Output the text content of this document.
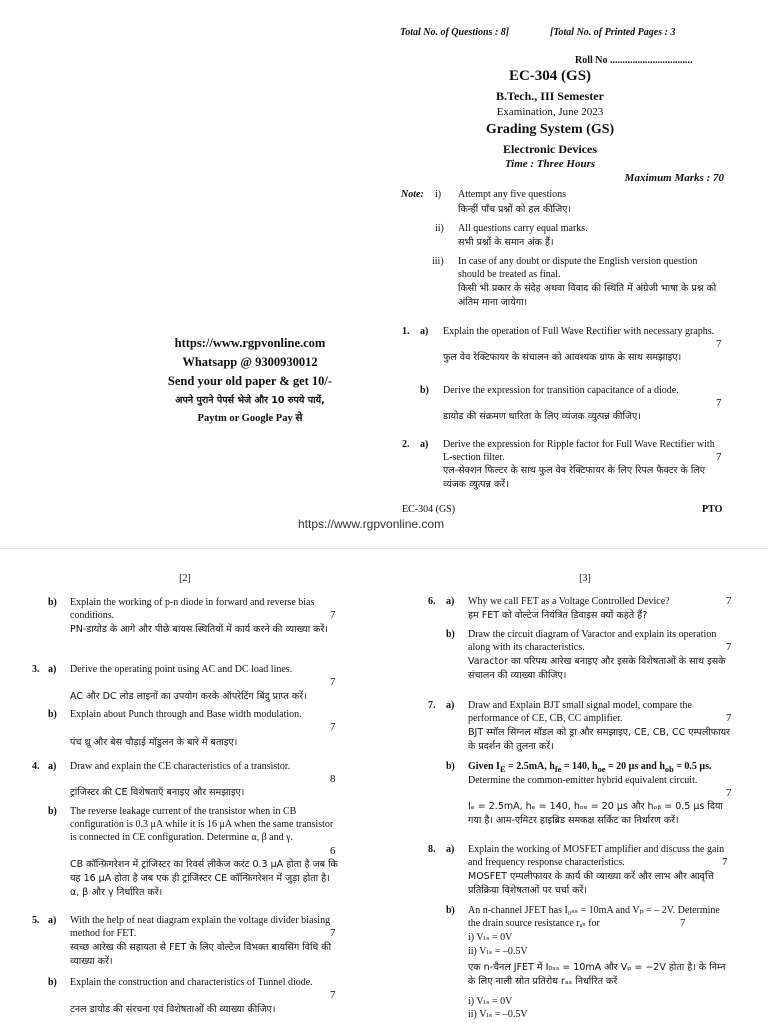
Total No. of Questions : 8]	[Total No. of Printed Pages : 3
Roll No .................................
EC-304 (GS)
B.Tech., III Semester
Examination, June 2023
Grading System (GS)
Electronic Devices
Time : Three Hours
Maximum Marks : 70
Note: i) Attempt any five questions
किन्हीं पाँच प्रश्नों को हल कीजिए।
ii) All questions carry equal marks.
सभी प्रश्नों के समान अंक हैं।
iii) In case of any doubt or dispute the English version question should be treated as final.
किसी भी प्रकार के संदेह अथवा विवाद की स्थिति में अंग्रेजी भाषा के प्रश्न को अंतिम माना जायेगा।
https://www.rgpvonline.com
Whatsapp @ 9300930012
Send your old paper & get 10/-
अपने पुराने पेपर्स भेजे और 10 रुपये पायें,
Paytm or Google Pay से
1. a) Explain the operation of Full Wave Rectifier with necessary graphs.
7
फुल वेव रेक्टिफायर के संचालन को आवश्यक ग्राफ के साथ समझाइए।
b) Derive the expression for transition capacitance of a diode.
7
डायोड की संक्रमण धारिता के लिए व्यंजक व्युत्पन्न कीजिए।
2. a) Derive the expression for Ripple factor for Full Wave Rectifier with L-section filter.	7
एल-सेक्शन फिल्टर के साथ फुल वेव रेक्टिफायर के लिए रिपल फैक्टर के लिए व्यंजक व्युत्पन्न करें।
EC-304 (GS)	PTO
https://www.rgpvonline.com
[2]
b) Explain the working of p-n diode in forward and reverse bias conditions.	7
PN-डायोड के आगे और पीछे बायस स्थितियों में कार्य करने की व्याख्या करें।
3. a) Derive the operating point using AC and DC load lines.
7
AC और DC लोड लाइनों का उपयोग करके ऑपरेटिंग बिंदु प्राप्त करें।
b) Explain about Punch through and Base width modulation.
7
पंच थ्रू और बेस चौड़ाई मॉडुलन के बारे में बताइए।
4. a) Draw and explain the CE characteristics of a transistor.
8
ट्रांजिस्टर की CE विशेषताएँ बनाइए और समझाइए।
b) The reverse leakage current of the transistor when in CB configuration is 0.3 μA while it is 16 μA when the same transistor is connected in CE configuration. Determine α, β and γ.
6
CB कॉन्फ़िगरेशन में ट्रांजिस्टर का रिवर्स लीकेज करंट 0.3 μA होता है जब कि यह 16 μA होता है जब एक ही ट्रांजिस्टर CE कॉन्फ़िगरेशन में जुड़ा होता है। α, β और γ निर्धारित करें।
5. a) With the help of neat diagram explain the voltage divider biasing method for FET.	7
स्वच्छ आरेख की सहायता से FET के लिए वोल्टेज विभक्त बायसिंग विधि की व्याख्या करें।
b) Explain the construction and characteristics of Tunnel diode.
7
टनल डायोड की संरचना एवं विशेषताओं की व्याख्या कीजिए।
[3]
6. a) Why we call FET as a Voltage Controlled Device?	7
हम FET को वोल्टेज नियंत्रित डिवाइस क्यों कहते हैं?
b) Draw the circuit diagram of Varactor and explain its operation along with its characteristics.	7
Varactor का परिपथ आरेख बनाइए और इसके विशेषताओं के साथ इसके संचालन की व्याख्या कीजिए।
7. a) Draw and Explain BJT small signal model, compare the performance of CE, CB, CC amplifier.	7
BJT स्मॉल सिग्नल मॉडल को ड्रा और समझाइए, CE, CB, CC एम्पलीफायर के प्रदर्शन की तुलना करें।
b) Given $I_E = 2.5mA$, $h_{fe} = 140$, $h_{oe} = 20$ μs and $h_{ob} = 0.5$ μs.
Determine the common-emitter hybrid equivalent circuit.
7
Iₑ = 2.5mA, hₑ = 140, hₒₑ = 20 μs और hₒᵦ = 0.5 μs दिया गया है। आम-एमिटर हाइब्रिड समकक्ष सर्किट का निर्धारण करें।
8. a) Explain the working of MOSFET amplifier and discuss the gain and frequency response characteristics.	7
MOSFET एम्पलीफायर के कार्य की व्याख्या करें और लाभ और आवृत्ति प्रतिक्रिया विशेषताओं पर चर्चा करें।
b) An n-channel JFET has I₀ₛₛ = 10mA and Vₚ = – 2V. Determine the drain source resistance rₐₛ for	7
i) Vₗₛ = 0V
ii) Vₗₛ = –0.5V
एक n-चैनल JFET में I₀ₛₛ = 10mA और Vₚ = −2V होता है। के निम्न के लिए नाली स्रोत प्रतिरोध rₐₛ निर्धारित करें
i) Vₗₛ = 0V
ii) Vₗₛ = –0.5V
